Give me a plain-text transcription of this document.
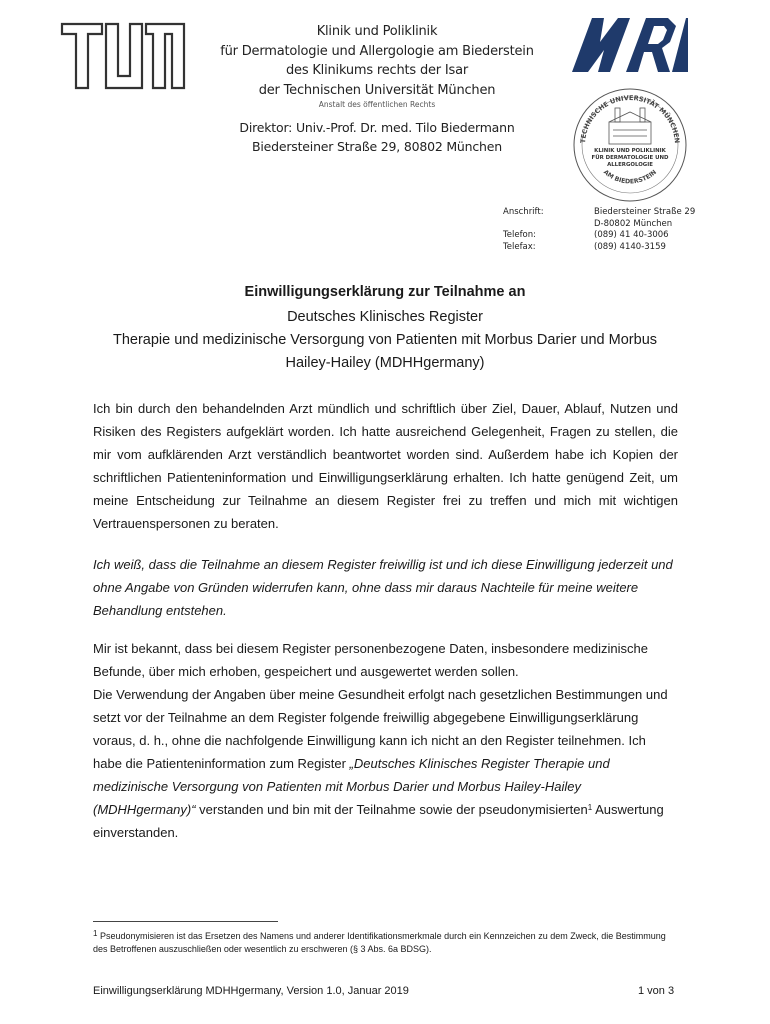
Klinik und Poliklinik
für Dermatologie und Allergologie am Biederstein
des Klinikums rechts der Isar
der Technischen Universität München
Anstalt des öffentlichen Rechts
Direktor: Univ.-Prof. Dr. med. Tilo Biedermann
Biedersteiner Straße 29, 80802 München	TECHNISCHE UNIVERSITÄT MÜNCHEN
KLINIK UND POLIKLINIK
FÜR DERMATOLOGIE UND
ALLERGOLOGIE
AM BIEDERSTEIN
Anschrift:	Biedersteiner Straße 29
D-80802 München
Telefon:	(089) 41 40-3006
Telefax:	(089) 4140-3159
Einwilligungserklärung zur Teilnahme an
Deutsches Klinisches Register
Therapie und medizinische Versorgung von Patienten mit Morbus Darier und Morbus
Hailey-Hailey (MDHHgermany)

Ich bin durch den behandelnden Arzt mündlich und schriftlich über Ziel, Dauer, Ablauf, Nutzen und Risiken des Registers aufgeklärt worden. Ich hatte ausreichend Gelegenheit, Fragen zu stellen, die mir vom aufklärenden Arzt verständlich beantwortet worden sind. Außerdem habe ich Kopien der schriftlichen Patienteninformation und Einwilligungserklärung erhalten. Ich hatte genügend Zeit, um meine Entscheidung zur Teilnahme an diesem Register frei zu treffen und mich mit wichtigen Vertrauenspersonen zu beraten.

Ich weiß, dass die Teilnahme an diesem Register freiwillig ist und ich diese Einwilligung jederzeit und ohne Angabe von Gründen widerrufen kann, ohne dass mir daraus Nachteile für meine weitere Behandlung entstehen.

Mir ist bekannt, dass bei diesem Register personenbezogene Daten, insbesondere medizinische Befunde, über mich erhoben, gespeichert und ausgewertet werden sollen.
Die Verwendung der Angaben über meine Gesundheit erfolgt nach gesetzlichen Bestimmungen und setzt vor der Teilnahme an dem Register folgende freiwillig abgegebene Einwilligungserklärung voraus, d. h., ohne die nachfolgende Einwilligung kann ich nicht an den Register teilnehmen. Ich habe die Patienteninformation zum Register „Deutsches Klinisches Register Therapie und medizinische Versorgung von Patienten mit Morbus Darier und Morbus Hailey-Hailey (MDHHgermany)“ verstanden und bin mit der Teilnahme sowie der pseudonymisierten$^1$ Auswertung einverstanden.

$^1$ Pseudonymisieren ist das Ersetzen des Namens und anderer Identifikationsmerkmale durch ein Kennzeichen zu dem Zweck, die Bestimmung des Betroffenen auszuschließen oder wesentlich zu erschweren (§ 3 Abs. 6a BDSG).
Einwilligungserklärung MDHHgermany, Version 1.0, Januar 2019	1 von 3
